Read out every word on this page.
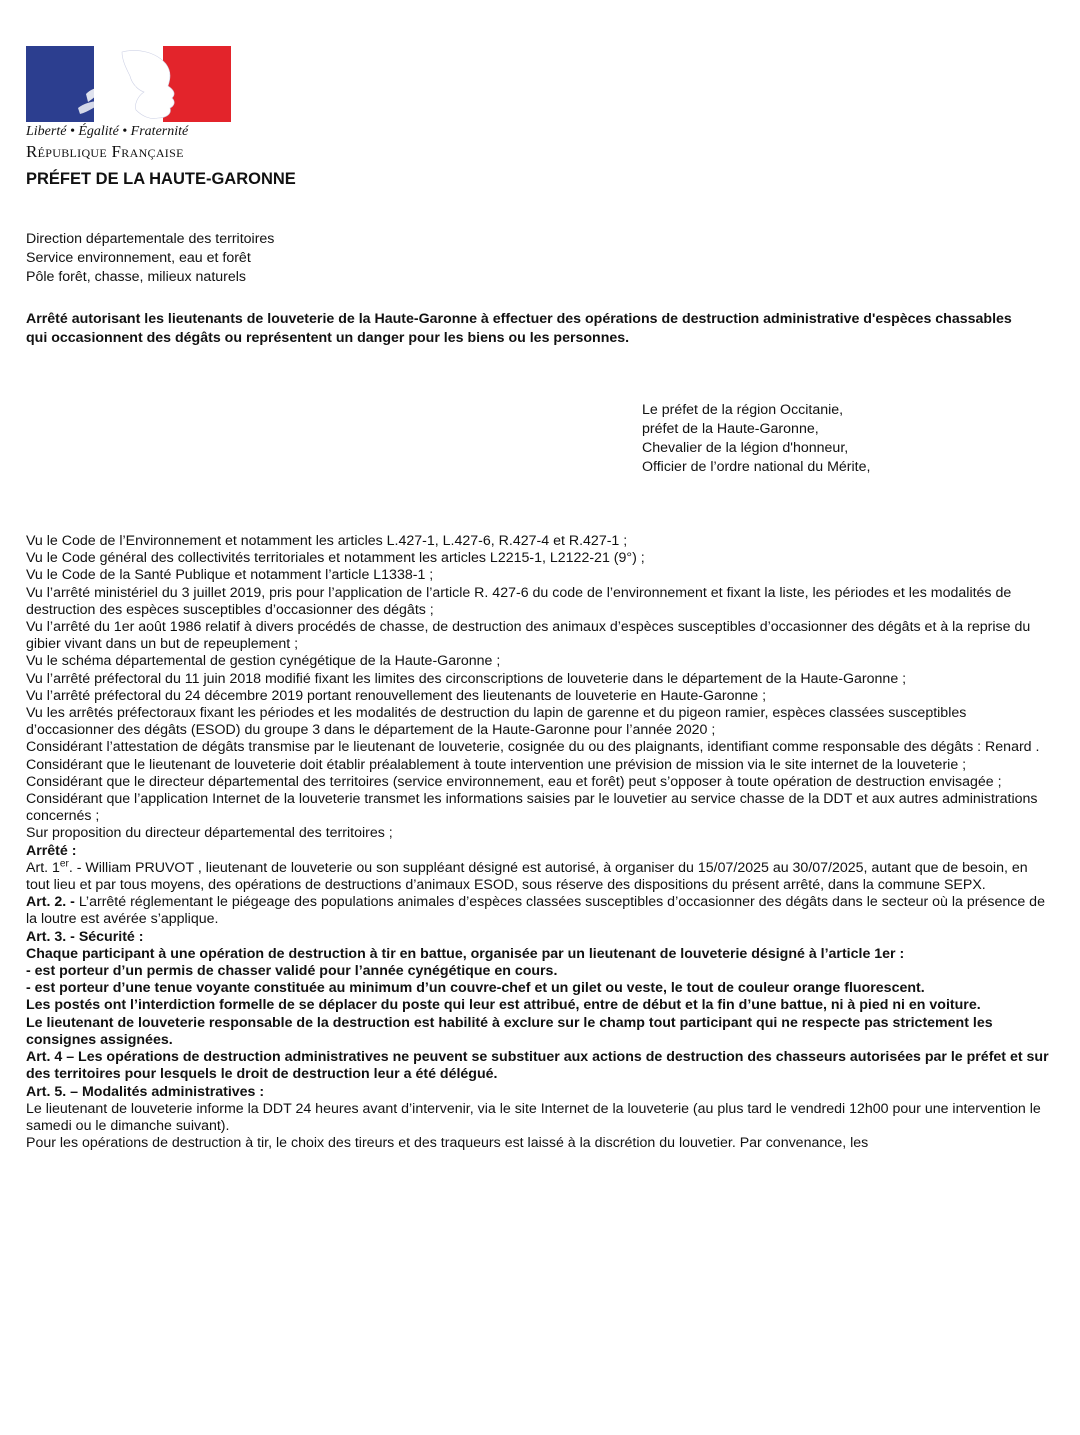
Liberté • Égalité • Fraternité
République Française
PRÉFET DE LA HAUTE-GARONNE
Direction départementale des territoires
Service environnement, eau et forêt
Pôle forêt, chasse, milieux naturels
Arrêté autorisant les lieutenants de louveterie de la Haute-Garonne à effectuer des opérations de destruction administrative d'espèces chassables qui occasionnent des dégâts ou représentent un danger pour les biens ou les personnes.
Le préfet de la région Occitanie,
préfet de la Haute-Garonne,
Chevalier de la légion d'honneur,
Officier de l’ordre national du Mérite,

Vu le Code de l’Environnement et notamment les articles L.427-1, L.427-6, R.427-4 et R.427-1 ;

Vu le Code général des collectivités territoriales et notamment les articles L2215-1, L2122-21 (9°) ;

Vu le Code de la Santé Publique et notamment l’article L1338-1 ;

Vu l’arrêté ministériel du 3 juillet 2019, pris pour l’application de l’article R. 427-6 du code de l’environnement et fixant la liste, les périodes et les modalités de destruction des espèces susceptibles d’occasionner des dégâts ;

Vu l’arrêté du 1er août 1986 relatif à divers procédés de chasse, de destruction des animaux d’espèces susceptibles d’occasionner des dégâts et à la reprise du gibier vivant dans un but de repeuplement ;

Vu le schéma départemental de gestion cynégétique de la Haute-Garonne ;

Vu l’arrêté préfectoral du 11 juin 2018 modifié fixant les limites des circonscriptions de louveterie dans le département de la Haute-Garonne ;

Vu l’arrêté préfectoral du 24 décembre 2019 portant renouvellement des lieutenants de louveterie en Haute-Garonne ;

Vu les arrêtés préfectoraux fixant les périodes et les modalités de destruction du lapin de garenne et du pigeon ramier, espèces classées susceptibles d’occasionner des dégâts (ESOD) du groupe 3 dans le département de la Haute-Garonne pour l’année 2020 ;

Considérant l’attestation de dégâts transmise par le lieutenant de louveterie, cosignée du ou des plaignants, identifiant comme responsable des dégâts : Renard .

Considérant que le lieutenant de louveterie doit établir préalablement à toute intervention une prévision de mission via le site internet de la louveterie ;

Considérant que le directeur départemental des territoires (service environnement, eau et forêt) peut s’opposer à toute opération de destruction envisagée ;

Considérant que l’application Internet de la louveterie transmet les informations saisies par le louvetier au service chasse de la DDT et aux autres administrations concernés ;

Sur proposition du directeur départemental des territoires ;

Arrêté :

Art. 1er. - William PRUVOT , lieutenant de louveterie ou son suppléant désigné est autorisé, à organiser du 15/07/2025 au 30/07/2025, autant que de besoin, en tout lieu et par tous moyens, des opérations de destructions d’animaux ESOD, sous réserve des dispositions du présent arrêté, dans la commune SEPX.

Art. 2. - L’arrêté réglementant le piégeage des populations animales d’espèces classées susceptibles d’occasionner des dégâts dans le secteur où la présence de la loutre est avérée s’applique.

Art. 3. - Sécurité :

Chaque participant à une opération de destruction à tir en battue, organisée par un lieutenant de louveterie désigné à l’article 1er :

- est porteur d’un permis de chasser validé pour l’année cynégétique en cours.

- est porteur d’une tenue voyante constituée au minimum d’un couvre-chef et un gilet ou veste, le tout de couleur orange fluorescent.

Les postés ont l’interdiction formelle de se déplacer du poste qui leur est attribué, entre de début et la fin d’une battue, ni à pied ni en voiture.

Le lieutenant de louveterie responsable de la destruction est habilité à exclure sur le champ tout participant qui ne respecte pas strictement les consignes assignées.

Art. 4 – Les opérations de destruction administratives ne peuvent se substituer aux actions de destruction des chasseurs autorisées par le préfet et sur des territoires pour lesquels le droit de destruction leur a été délégué.

Art. 5. – Modalités administratives :

Le lieutenant de louveterie informe la DDT 24 heures avant d’intervenir, via le site Internet de la louveterie (au plus tard le vendredi 12h00 pour une intervention le samedi ou le dimanche suivant).

Pour les opérations de destruction à tir, le choix des tireurs et des traqueurs est laissé à la discrétion du louvetier. Par convenance, les
